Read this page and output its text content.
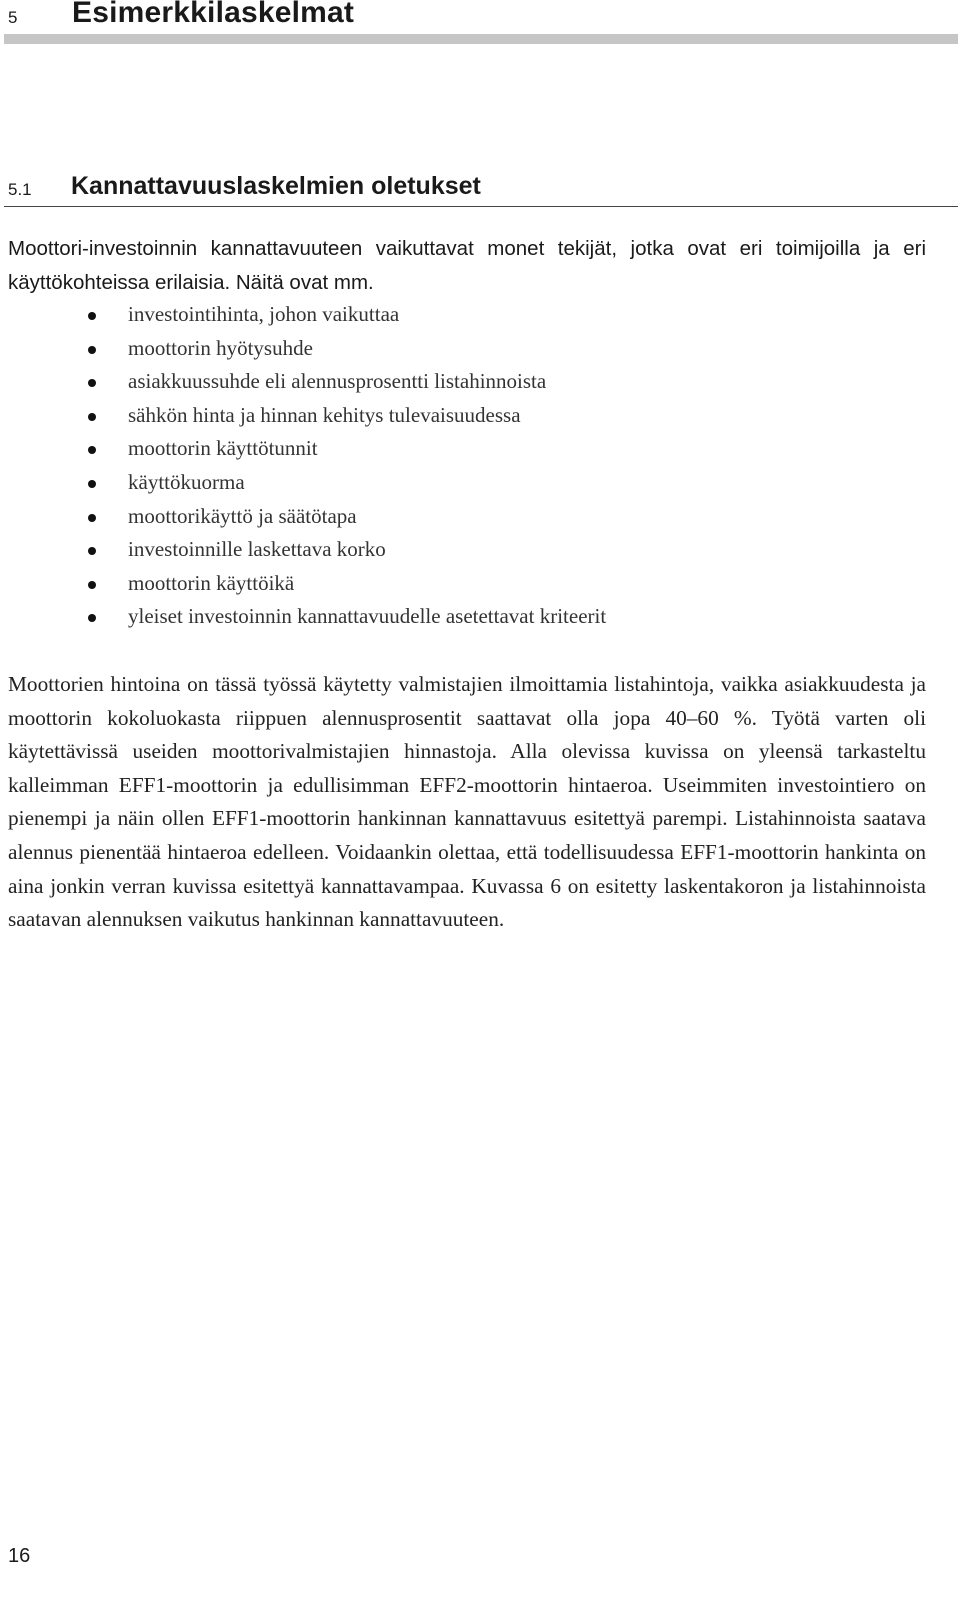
5 Esimerkkilaskelmat
5.1 Kannattavuuslaskelmien oletukset

Moottori-investoinnin kannattavuuteen vaikuttavat monet tekijät, jotka ovat eri toimijoilla ja eri käyttökohteissa erilaisia. Näitä ovat mm.

investointihinta, johon vaikuttaa
moottorin hyötysuhde
asiakkuussuhde eli alennusprosentti listahinnoista
sähkön hinta ja hinnan kehitys tulevaisuudessa
moottorin käyttötunnit
käyttökuorma
moottorikäyttö ja säätötapa
investoinnille laskettava korko
moottorin käyttöikä
yleiset investoinnin kannattavuudelle asetettavat kriteerit

Moottorien hintoina on tässä työssä käytetty valmistajien ilmoittamia listahintoja, vaikka asiakkuudesta ja moottorin kokoluokasta riippuen alennusprosentit saattavat olla jopa 40–60 %. Työtä varten oli käytettävissä useiden moottorivalmistajien hinnastoja. Alla olevissa kuvissa on yleensä tarkasteltu kalleimman EFF1-moottorin ja edullisimman EFF2-moottorin hintaeroa. Useimmiten investointiero on pienempi ja näin ollen EFF1-moottorin hankinnan kannattavuus esitettyä parempi. Listahinnoista saatava alennus pienentää hintaeroa edelleen. Voidaankin olettaa, että todellisuudessa EFF1-moottorin hankinta on aina jonkin verran kuvissa esitettyä kannattavampaa. Kuvassa 6 on esitetty laskentakoron ja listahinnoista saatavan alennuksen vaikutus hankinnan kannattavuuteen.

16
